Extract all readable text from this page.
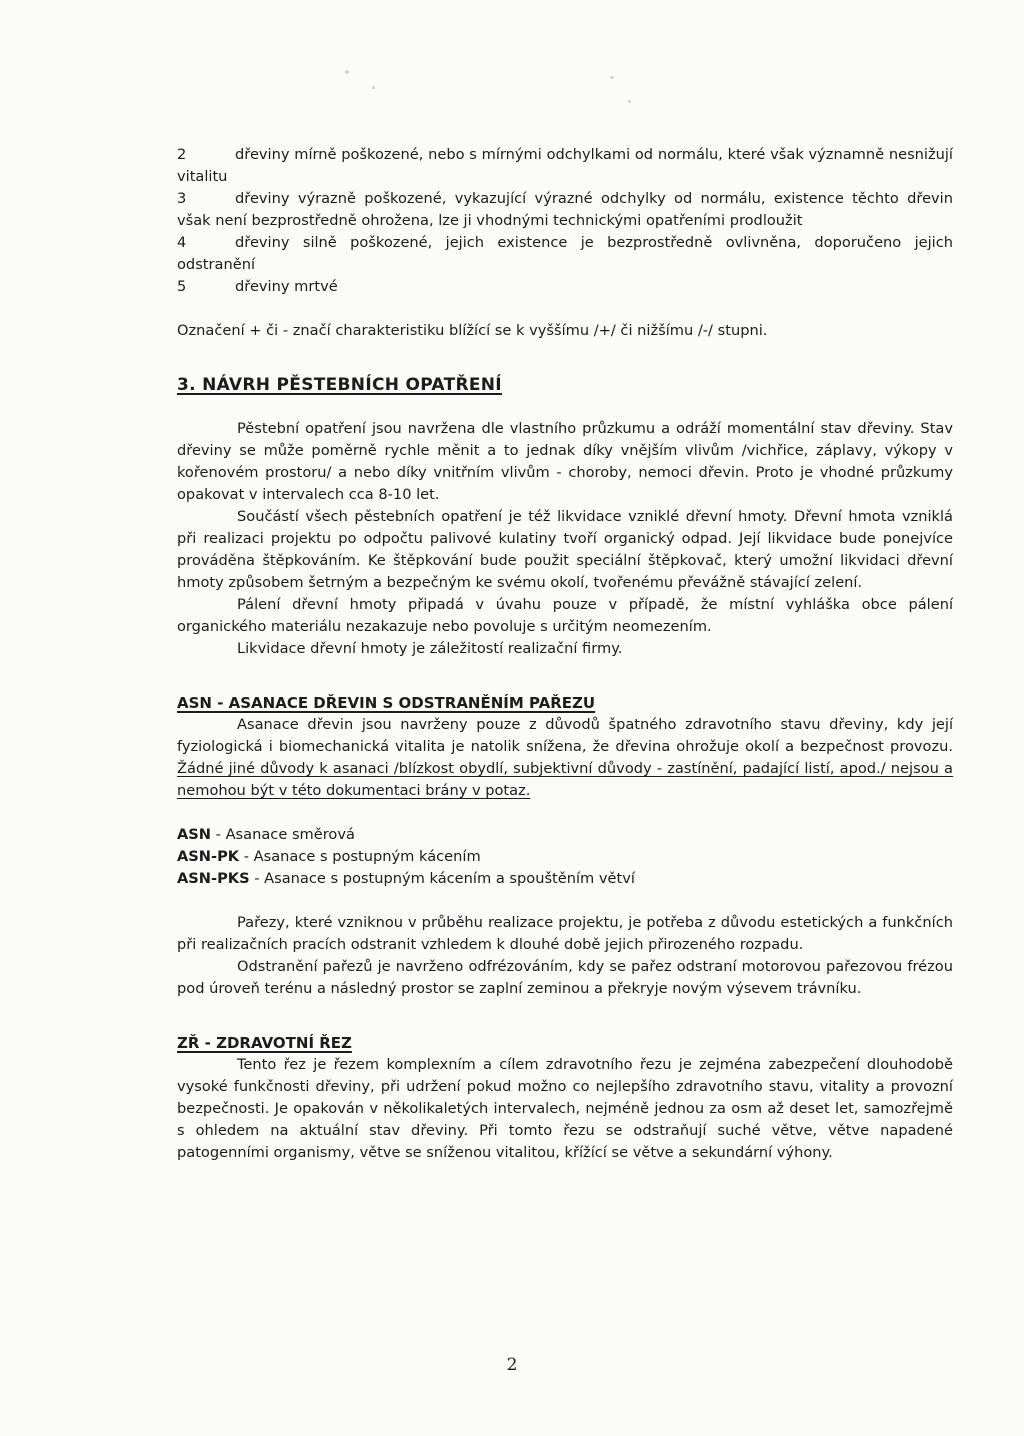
2	dřeviny mírně poškozené, nebo s mírnými odchylkami od normálu, které však významně nesnižují vitalitu
3	dřeviny výrazně poškozené, vykazující výrazné odchylky od normálu, existence těchto dřevin však není bezprostředně ohrožena, lze ji vhodnými technickými opatřeními prodloužit
4	dřeviny silně poškozené, jejich existence je bezprostředně ovlivněna, doporučeno jejich odstranění
5	dřeviny mrtvé
Označení + či - značí charakteristiku blížící se k vyššímu /+/ či nižšímu /-/ stupni.
3. NÁVRH PĚSTEBNÍCH OPATŘENÍ
Pěstební opatření jsou navržena dle vlastního průzkumu a odráží momentální stav dřeviny. Stav dřeviny se může poměrně rychle měnit a to jednak díky vnějším vlivům /vichřice, záplavy, výkopy v kořenovém prostoru/ a nebo díky vnitřním vlivům - choroby, nemoci dřevin. Proto je vhodné průzkumy opakovat v intervalech cca 8-10 let.
Součástí všech pěstebních opatření je též likvidace vzniklé dřevní hmoty. Dřevní hmota vzniklá při realizaci projektu po odpočtu palivové kulatiny tvoří organický odpad. Její likvidace bude ponejvíce prováděna štěpkováním. Ke štěpkování bude použit speciální štěpkovač, který umožní likvidaci dřevní hmoty způsobem šetrným a bezpečným ke svému okolí, tvořenému převážně stávající zelení.
Pálení dřevní hmoty připadá v úvahu pouze v případě, že místní vyhláška obce pálení organického materiálu nezakazuje nebo povoluje s určitým neomezením.
Likvidace dřevní hmoty je záležitostí realizační firmy.
ASN - ASANACE DŘEVIN S ODSTRANĚNÍM PAŘEZU
Asanace dřevin jsou navrženy pouze z důvodů špatného zdravotního stavu dřeviny, kdy její fyziologická i biomechanická vitalita je natolik snížena, že dřevina ohrožuje okolí a bezpečnost provozu. Žádné jiné důvody k asanaci /blízkost obydlí, subjektivní důvody - zastínění, padající listí, apod./ nejsou a nemohou být v této dokumentaci brány v potaz.
ASN - Asanace směrová
ASN-PK - Asanace s postupným kácením
ASN-PKS - Asanace s postupným kácením a spouštěním větví
Pařezy, které vzniknou v průběhu realizace projektu, je potřeba z důvodu estetických a funkčních při realizačních pracích odstranit vzhledem k dlouhé době jejich přirozeného rozpadu.
Odstranění pařezů je navrženo odfrézováním, kdy se pařez odstraní motorovou pařezovou frézou pod úroveň terénu a následný prostor se zaplní zeminou a překryje novým výsevem trávníku.
ZŘ - ZDRAVOTNÍ ŘEZ
Tento řez je řezem komplexním a cílem zdravotního řezu je zejména zabezpečení dlouhodobě vysoké funkčnosti dřeviny, při udržení pokud možno co nejlepšího zdravotního stavu, vitality a provozní bezpečnosti. Je opakován v několikaletých intervalech, nejméně jednou za osm až deset let, samozřejmě s ohledem na aktuální stav dřeviny. Při tomto řezu se odstraňují suché větve, větve napadené patogenními organismy, větve se sníženou vitalitou, křížící se větve a sekundární výhony.
2
